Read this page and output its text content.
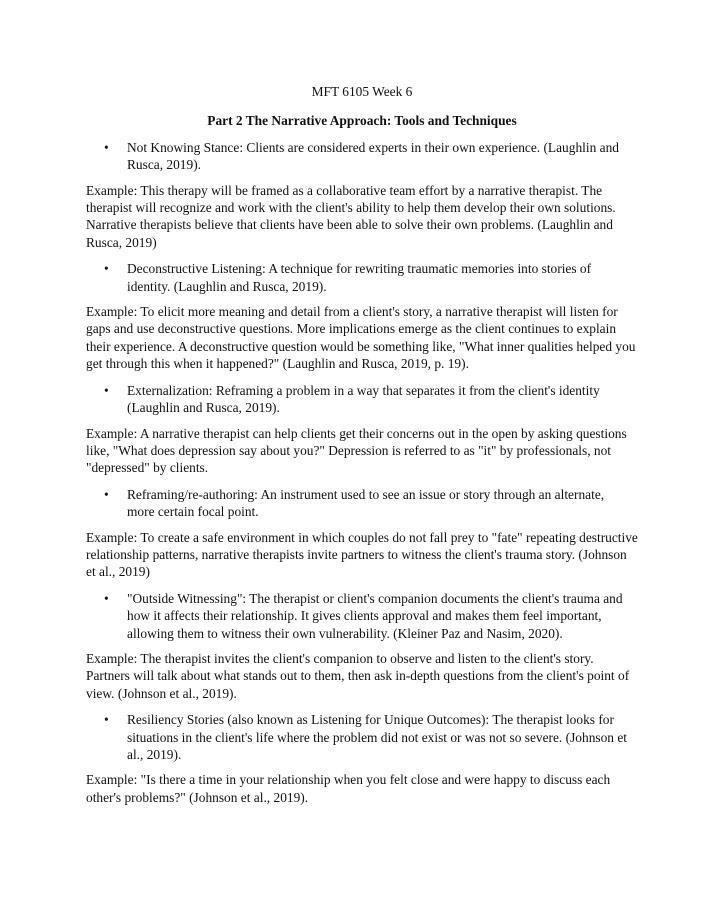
MFT 6105 Week 6
Part 2 The Narrative Approach: Tools and Techniques
•	Not Knowing Stance: Clients are considered experts in their own experience. (Laughlin and Rusca, 2019).
Example: This therapy will be framed as a collaborative team effort by a narrative therapist. The therapist will recognize and work with the client's ability to help them develop their own solutions. Narrative therapists believe that clients have been able to solve their own problems. (Laughlin and Rusca, 2019)
•	Deconstructive Listening: A technique for rewriting traumatic memories into stories of identity. (Laughlin and Rusca, 2019).
Example: To elicit more meaning and detail from a client's story, a narrative therapist will listen for gaps and use deconstructive questions. More implications emerge as the client continues to explain their experience. A deconstructive question would be something like, "What inner qualities helped you get through this when it happened?" (Laughlin and Rusca, 2019, p. 19).
•	Externalization: Reframing a problem in a way that separates it from the client's identity (Laughlin and Rusca, 2019).
Example: A narrative therapist can help clients get their concerns out in the open by asking questions like, "What does depression say about you?" Depression is referred to as "it" by professionals, not "depressed" by clients.
•	Reframing/re-authoring: An instrument used to see an issue or story through an alternate, more certain focal point.
Example: To create a safe environment in which couples do not fall prey to "fate" repeating destructive relationship patterns, narrative therapists invite partners to witness the client's trauma story. (Johnson et al., 2019)
•	"Outside Witnessing": The therapist or client's companion documents the client's trauma and how it affects their relationship. It gives clients approval and makes them feel important, allowing them to witness their own vulnerability. (Kleiner Paz and Nasim, 2020).
Example: The therapist invites the client's companion to observe and listen to the client's story. Partners will talk about what stands out to them, then ask in-depth questions from the client's point of view. (Johnson et al., 2019).
•	Resiliency Stories (also known as Listening for Unique Outcomes): The therapist looks for situations in the client's life where the problem did not exist or was not so severe. (Johnson et al., 2019).
Example: "Is there a time in your relationship when you felt close and were happy to discuss each other's problems?" (Johnson et al., 2019).
